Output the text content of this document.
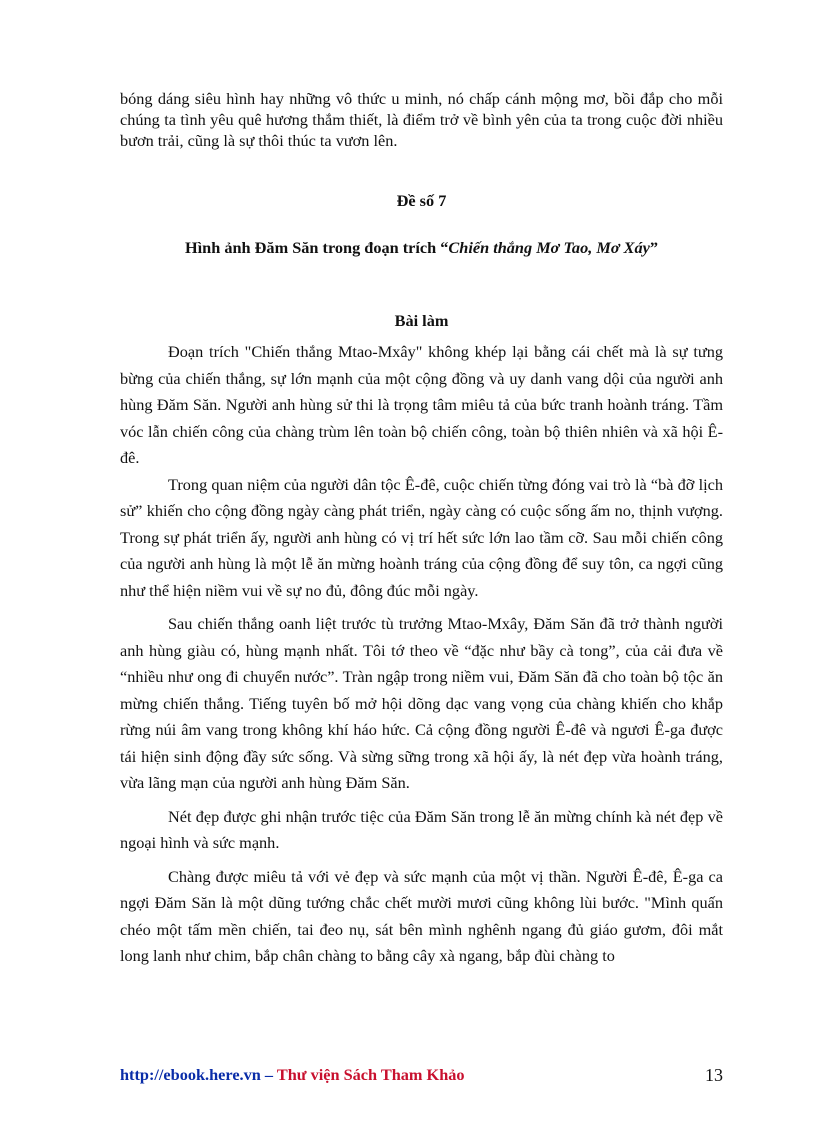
bóng dáng siêu hình hay những vô thức u minh, nó chấp cánh mộng mơ, bồi đắp cho mỗi chúng ta tình yêu quê hương thắm thiết, là điểm trở về bình yên của ta trong cuộc đời nhiều bươn trải, cũng là sự thôi thúc ta vươn lên.

Đề số 7

Hình ảnh Đăm Săn trong đoạn trích “Chiến thắng Mơ Tao, Mơ Xáy”

Bài làm

Đoạn trích "Chiến thắng Mtao-Mxây" không khép lại bằng cái chết mà là sự tưng bừng của chiến thắng, sự lớn mạnh của một cộng đồng và uy danh vang dội của người anh hùng Đăm Săn. Người anh hùng sử thi là trọng tâm miêu tả của bức tranh hoành tráng. Tầm vóc lẫn chiến công của chàng trùm lên toàn bộ chiến công, toàn bộ thiên nhiên và xã hội Ê- đê.

Trong quan niệm của người dân tộc Ê-đê, cuộc chiến từng đóng vai trò là “bà đỡ lịch sử” khiến cho cộng đồng ngày càng phát triển, ngày càng có cuộc sống ấm no, thịnh vượng. Trong sự phát triển ấy, người anh hùng có vị trí hết sức lớn lao tầm cỡ. Sau mỗi chiến công của người anh hùng là một lễ ăn mừng hoành tráng của cộng đồng để suy tôn, ca ngợi cũng như thể hiện niềm vui về sự no đủ, đông đúc mỗi ngày.

Sau chiến thắng oanh liệt trước tù trưởng Mtao-Mxây, Đăm Săn đã trở thành người anh hùng giàu có, hùng mạnh nhất. Tôi tớ theo về “đặc như bầy cà tong”, của cải đưa về “nhiều như ong đi chuyển nước”. Tràn ngập trong niềm vui, Đăm Săn đã cho toàn bộ tộc ăn mừng chiến thắng. Tiếng tuyên bố mở hội dõng dạc vang vọng của chàng khiến cho khắp rừng núi âm vang trong không khí háo hức. Cả cộng đồng người Ê-đê và ngươi Ê-ga được tái hiện sinh động đầy sức sống. Và sừng sững trong xã hội ấy, là nét đẹp vừa hoành tráng, vừa lãng mạn của người anh hùng Đăm Săn.

Nét đẹp được ghi nhận trước tiệc của Đăm Săn trong lễ ăn mừng chính kà nét đẹp về ngoại hình và sức mạnh.

Chàng được miêu tả với vẻ đẹp và sức mạnh của một vị thần. Người Ê-đê, Ê-ga ca ngợi Đăm Săn là một dũng tướng chắc chết mười mươi cũng không lùi bước. "Mình quấn chéo một tấm mền chiến, tai đeo nụ, sát bên mình nghênh ngang đủ giáo gươm, đôi mắt long lanh như chim, bắp chân chàng to bằng cây xà ngang, bắp đùi chàng to

http://ebook.here.vn – Thư viện Sách Tham Khảo	13
